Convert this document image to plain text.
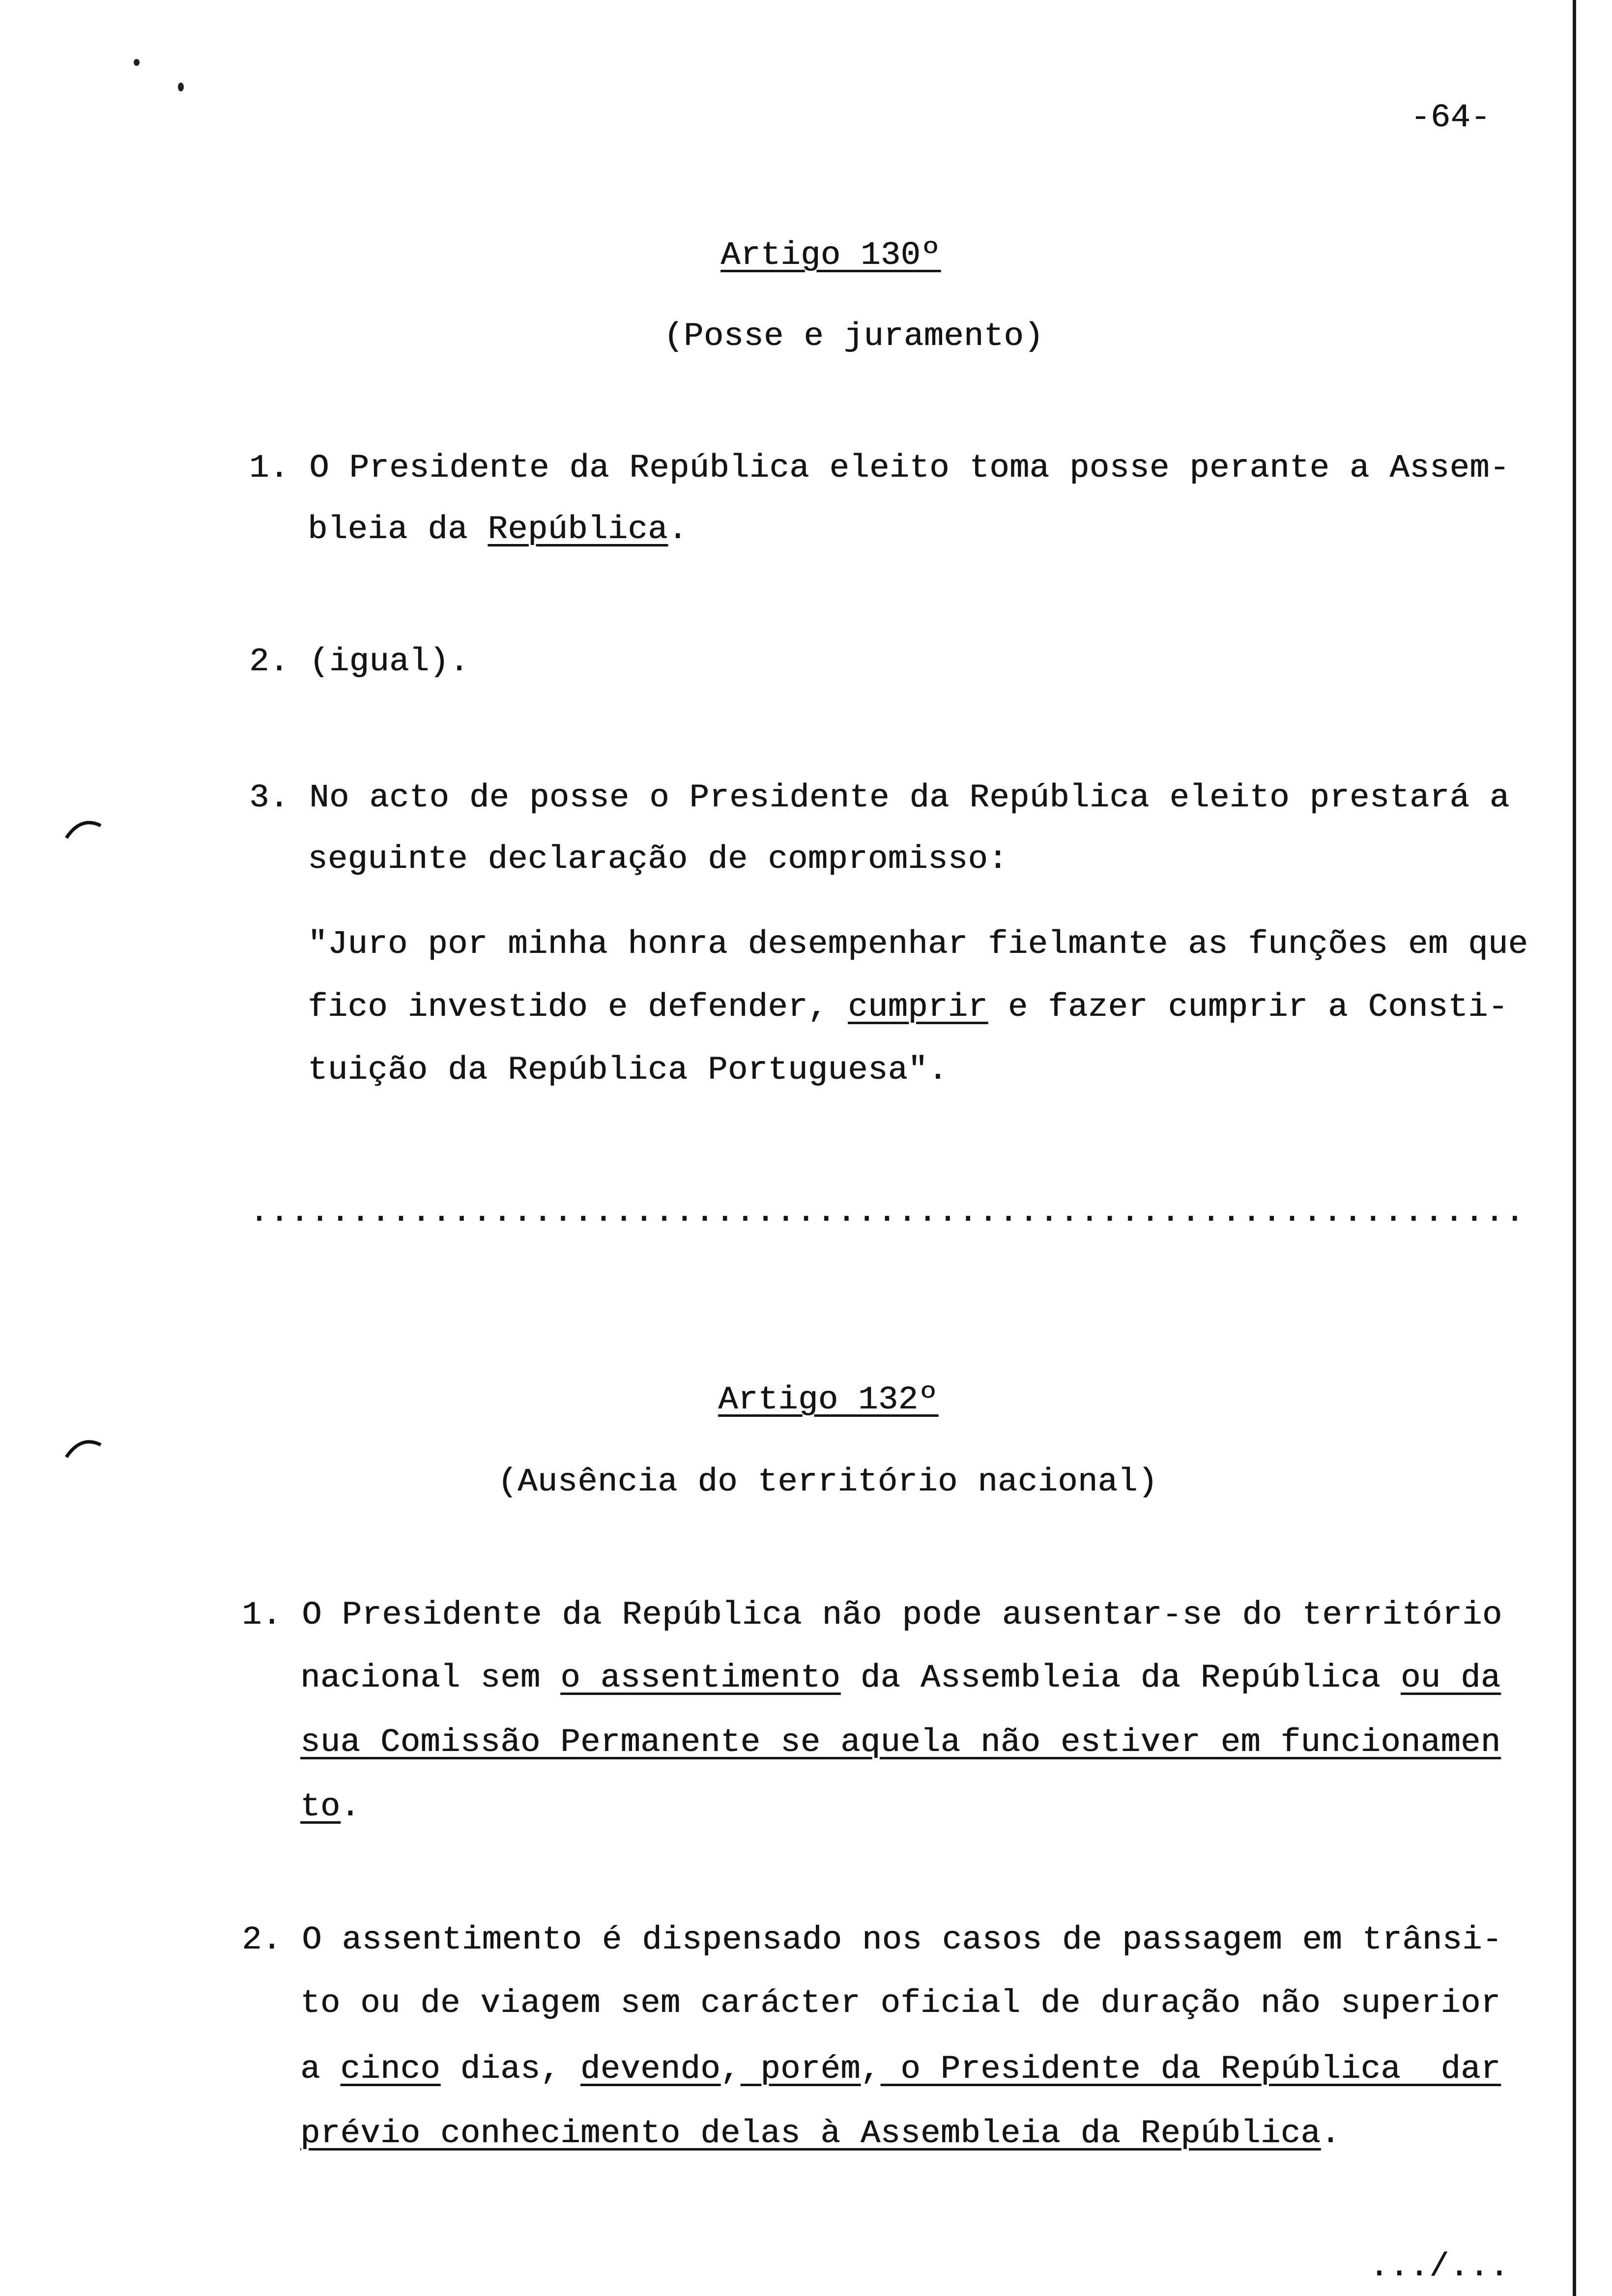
-64-
Artigo 130º
(Posse e juramento)
1. O Presidente da República eleito toma posse perante a Assem-
bleia da República.
2. (igual).
3. No acto de posse o Presidente da República eleito prestará a
seguinte declaração de compromisso:
"Juro por minha honra desempenhar fielmante as funções em que
fico investido e defender, cumprir e fazer cumprir a Consti-
tuição da República Portuguesa".
...............................................................
Artigo 132º
(Ausência do território nacional)
1. O Presidente da República não pode ausentar-se do território
nacional sem o assentimento da Assembleia da República ou da
sua Comissão Permanente se aquela não estiver em funcionamen
to.
2. O assentimento é dispensado nos casos de passagem em trânsi-
to ou de viagem sem carácter oficial de duração não superior
a cinco dias, devendo, porém, o Presidente da República  dar
prévio conhecimento delas à Assembleia da República.
.../...
